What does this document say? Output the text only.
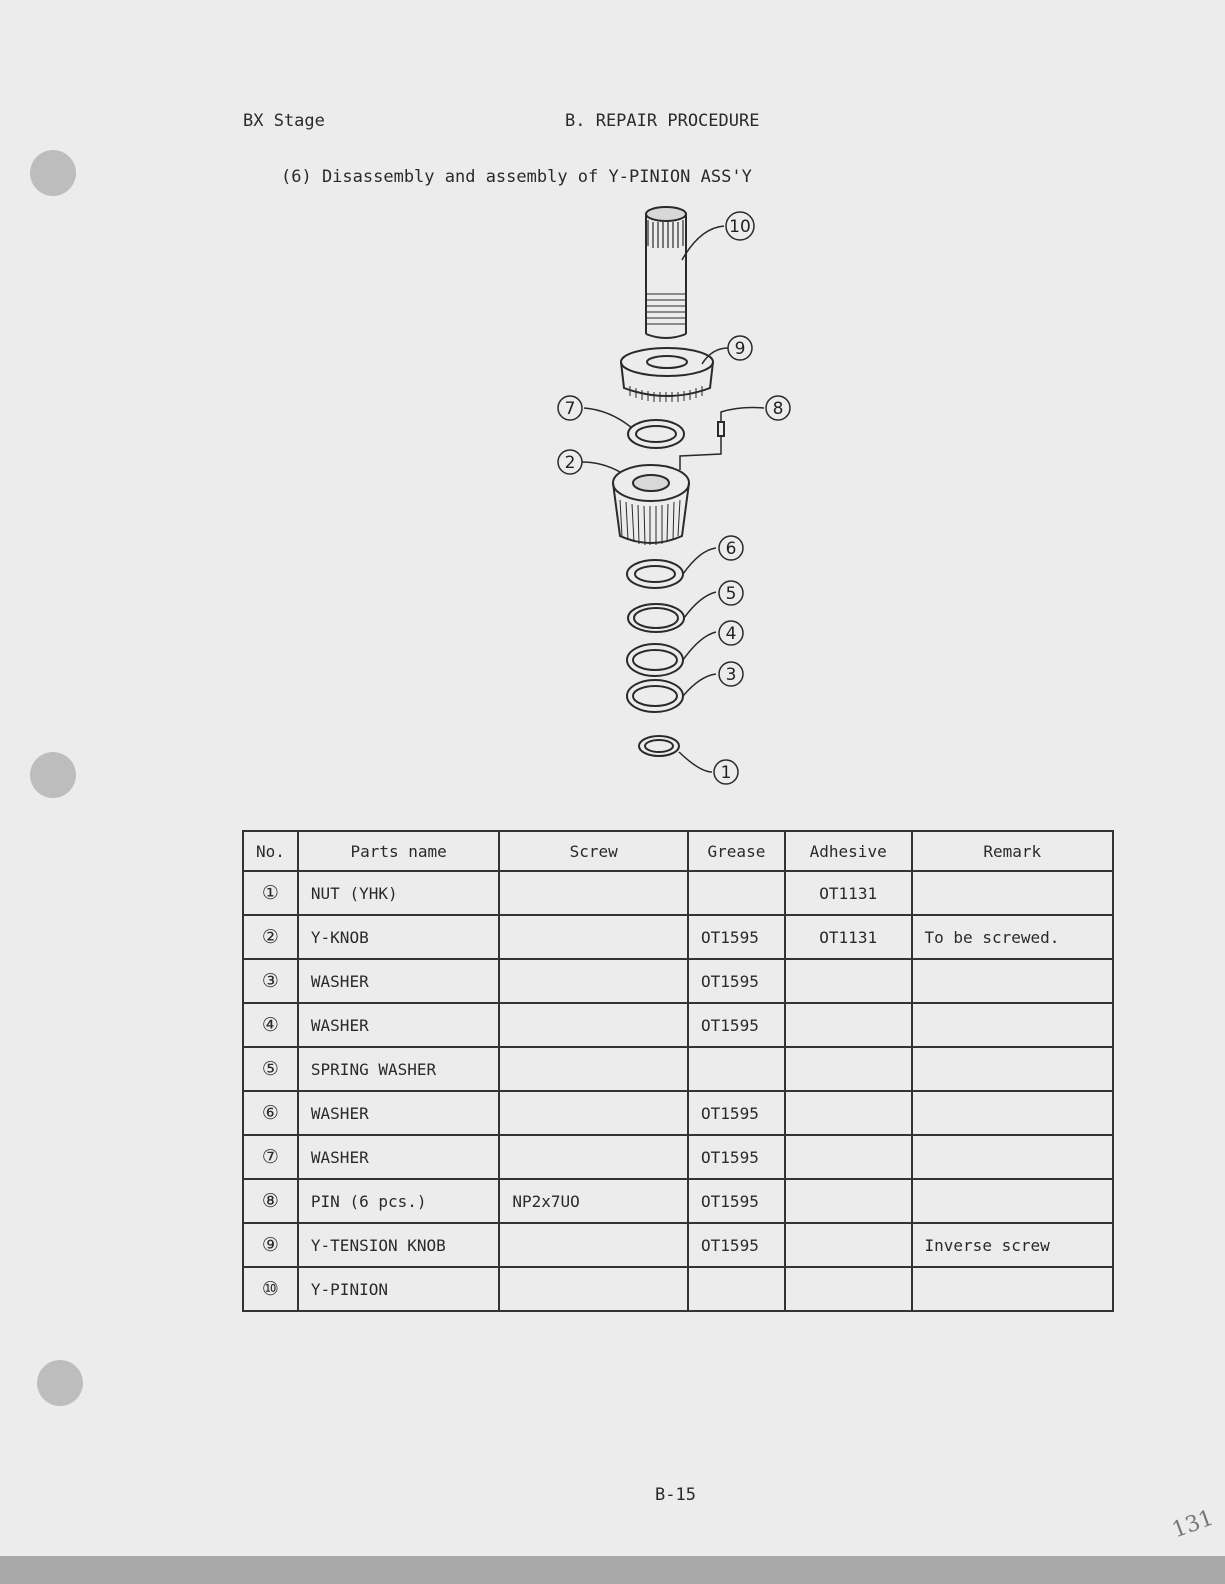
BX Stage	B. REPAIR PROCEDURE
(6) Disassembly and assembly of Y-PINION ASS'Y
10
9
8
7
2
6
5
4
3
1
No.	Parts name	Screw	Grease	Adhesive	Remark
①	NUT (YHK)			OT1131	
②	Y-KNOB		OT1595	OT1131	To be screwed.
③	WASHER		OT1595		
④	WASHER		OT1595		
⑤	SPRING WASHER				
⑥	WASHER		OT1595		
⑦	WASHER		OT1595		
⑧	PIN (6 pcs.)	NP2x7UO	OT1595		
⑨	Y-TENSION KNOB		OT1595		Inverse screw
⑩	Y-PINION				
B-15
131
